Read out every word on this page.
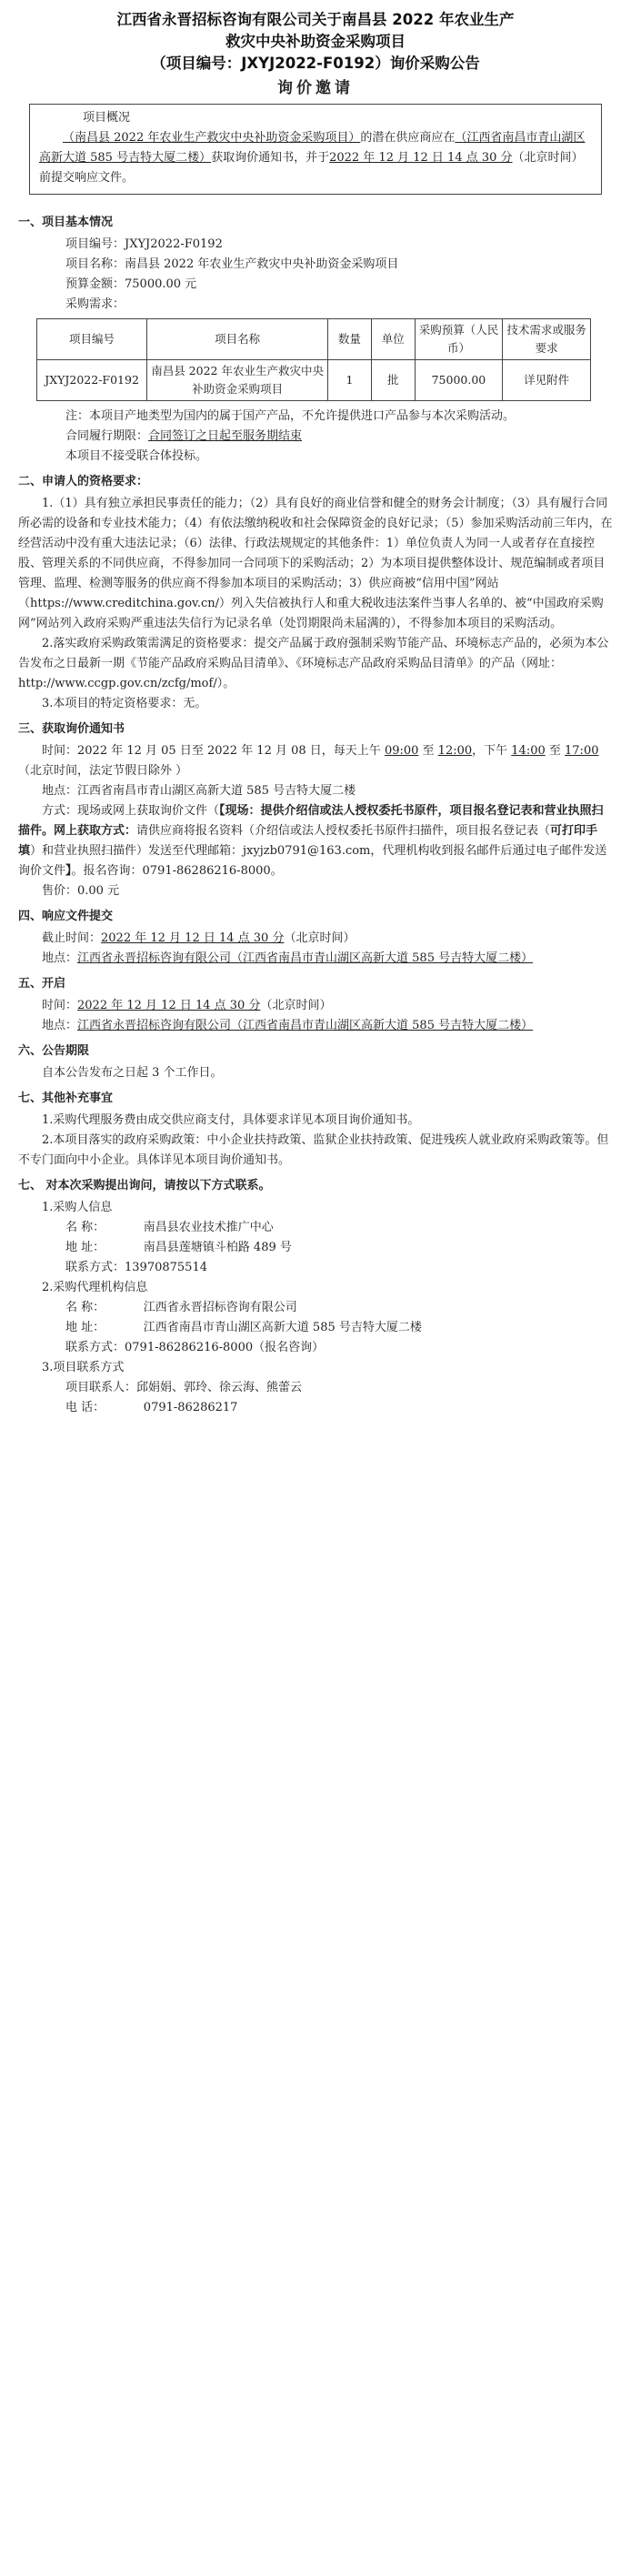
江西省永晋招标咨询有限公司关于南昌县 2022 年农业生产
救灾中央补助资金采购项目
（项目编号：JXYJ2022-F0192）询价采购公告
询价邀请

项目概况

（南昌县 2022 年农业生产救灾中央补助资金采购项目）的潜在供应商应在（江西省南昌市青山湖区高新大道 585 号吉特大厦二楼）获取询价通知书，并于2022 年 12 月 12 日 14 点 30 分（北京时间）前提交响应文件。

一、项目基本情况

项目编号：JXYJ2022-F0192

项目名称：南昌县 2022 年农业生产救灾中央补助资金采购项目

预算金额：75000.00 元

采购需求：

项目编号	项目名称	数量	单位	采购预算（人民币）	技术需求或服务要求
JXYJ2022-F0192	南昌县 2022 年农业生产救灾中央补助资金采购项目	1	批	75000.00	详见附件

注：本项目产地类型为国内的属于国产产品，不允许提供进口产品参与本次采购活动。

合同履行期限：合同签订之日起至服务期结束

本项目不接受联合体投标。

二、申请人的资格要求：

1.（1）具有独立承担民事责任的能力；（2）具有良好的商业信誉和健全的财务会计制度；（3）具有履行合同所必需的设备和专业技术能力；（4）有依法缴纳税收和社会保障资金的良好记录；（5）参加采购活动前三年内，在经营活动中没有重大违法记录；（6）法律、行政法规规定的其他条件：1）单位负责人为同一人或者存在直接控股、管理关系的不同供应商，不得参加同一合同项下的采购活动；2）为本项目提供整体设计、规范编制或者项目管理、监理、检测等服务的供应商不得参加本项目的采购活动；3）供应商被“信用中国”网站（https://www.creditchina.gov.cn/）列入失信被执行人和重大税收违法案件当事人名单的、被“中国政府采购网”网站列入政府采购严重违法失信行为记录名单（处罚期限尚未届满的），不得参加本项目的采购活动。

2.落实政府采购政策需满足的资格要求：提交产品属于政府强制采购节能产品、环境标志产品的，必须为本公告发布之日最新一期《节能产品政府采购品目清单》、《环境标志产品政府采购品目清单》的产品（网址：http://www.ccgp.gov.cn/zcfg/mof/）。

3.本项目的特定资格要求：无。

三、获取询价通知书

时间：2022 年 12 月 05 日至 2022 年 12 月 08 日，每天上午 09:00 至 12:00，下午 14:00 至 17:00（北京时间，法定节假日除外 ）

地点：江西省南昌市青山湖区高新大道 585 号吉特大厦二楼

方式：现场或网上获取询价文件（【现场：提供介绍信或法人授权委托书原件，项目报名登记表和营业执照扫描件。网上获取方式：请供应商将报名资料（介绍信或法人授权委托书原件扫描件，项目报名登记表（可打印手填）和营业执照扫描件）发送至代理邮箱：jxyjzb0791@163.com，代理机构收到报名邮件后通过电子邮件发送询价文件】。报名咨询：0791-86286216-8000。

售价：0.00 元

四、响应文件提交

截止时间：2022 年 12 月 12 日 14 点 30 分（北京时间）

地点：江西省永晋招标咨询有限公司（江西省南昌市青山湖区高新大道 585 号吉特大厦二楼）

五、开启

时间：2022 年 12 月 12 日 14 点 30 分（北京时间）

地点：江西省永晋招标咨询有限公司（江西省南昌市青山湖区高新大道 585 号吉特大厦二楼）

六、公告期限

自本公告发布之日起 3 个工作日。

七、其他补充事宜

1.采购代理服务费由成交供应商支付，具体要求详见本项目询价通知书。

2.本项目落实的政府采购政策：中小企业扶持政策、监狱企业扶持政策、促进残疾人就业政府采购政策等。但不专门面向中小企业。具体详见本项目询价通知书。

七、 对本次采购提出询问，请按以下方式联系。

1.采购人信息

名 称：	南昌县农业技术推广中心

地 址：	南昌县莲塘镇斗柏路 489 号

联系方式：13970875514

2.采购代理机构信息

名 称：	江西省永晋招标咨询有限公司

地 址：	江西省南昌市青山湖区高新大道 585 号吉特大厦二楼

联系方式：0791-86286216-8000（报名咨询）

3.项目联系方式

项目联系人：邱娟娟、郭玲、徐云海、熊蕾云

电 话：	0791-86286217
